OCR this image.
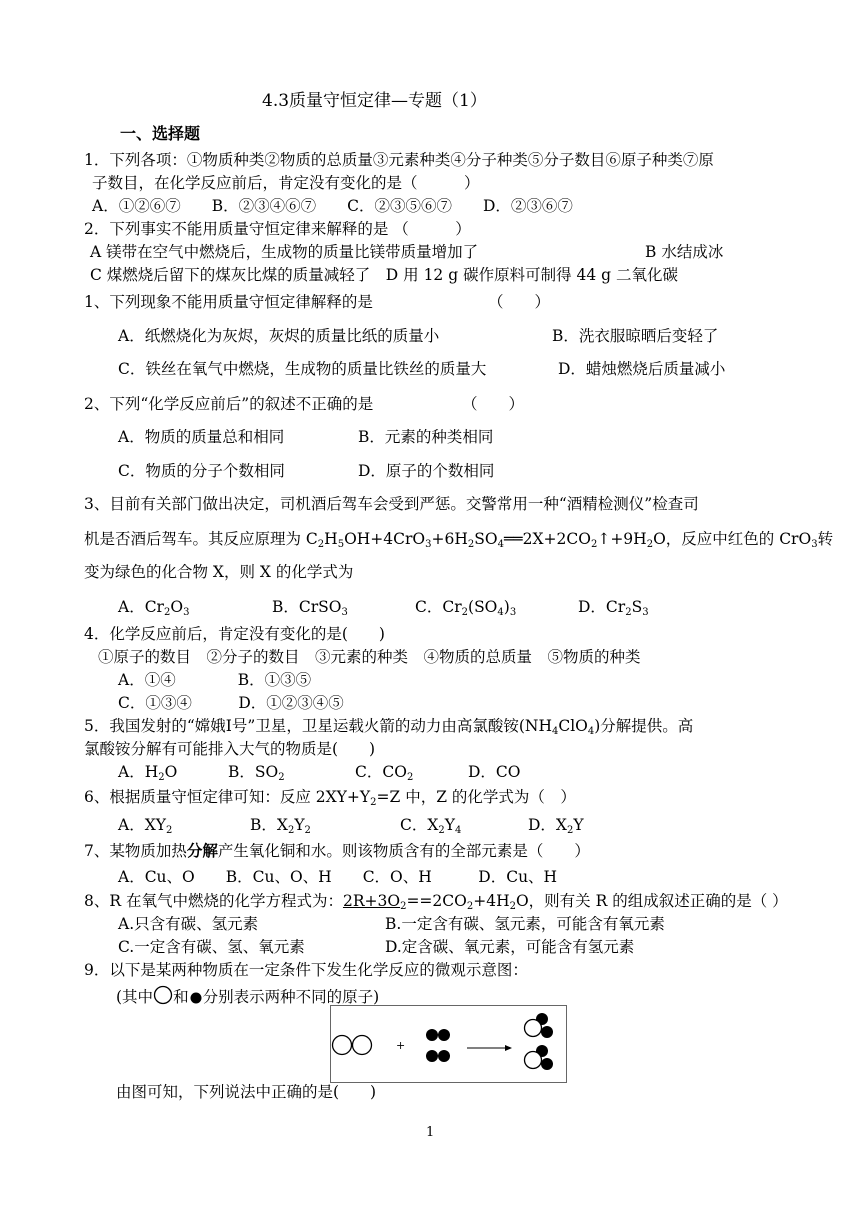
4.3质量守恒定律—专题（1）
一、选择题
1．下列各项：①物质种类②物质的总质量③元素种类④分子种类⑤分子数目⑥原子种类⑦原
子数目，在化学反应前后，肯定没有变化的是（　　　）
A．①②⑥⑦　　B．②③④⑥⑦　　C．②③⑤⑥⑦　　D．②③⑥⑦
2．下列事实不能用质量守恒定律来解释的是 （　　　）
A 镁带在空气中燃烧后，生成物的质量比镁带质量增加了	B 水结成冰
C 煤燃烧后留下的煤灰比煤的质量减轻了　D 用 12 g 碳作原料可制得 44 g 二氧化碳
1、下列现象不能用质量守恒定律解释的是	（　　）
A．纸燃烧化为灰烬，灰烬的质量比纸的质量小	B．洗衣服晾晒后变轻了
C．铁丝在氧气中燃烧，生成物的质量比铁丝的质量大	D．蜡烛燃烧后质量减小
2、下列“化学反应前后”的叙述不正确的是	（　　）
A．物质的质量总和相同	B．元素的种类相同
C．物质的分子个数相同	D．原子的个数相同
3、目前有关部门做出决定，司机酒后驾车会受到严惩。交警常用一种“酒精检测仪”检查司
机是否酒后驾车。其反应原理为 $C_2H_5OH+4CrO_3+6H_2SO_4══2X+2CO_2↑+9H_2O$，反应中红色的 CrO$_3$转
变为绿色的化合物 X，则 X 的化学式为
A．$Cr_2O_3$	B．CrSO$_3$	C．$Cr_2(SO_4)_3$	D．$Cr_2S_3$
4．化学反应前后，肯定没有变化的是(　　)
①原子的数目　②分子的数目　③元素的种类　④物质的总质量　⑤物质的种类
A．①④　　　　B．①③⑤
C．①③④　　　D．①②③④⑤
5．我国发射的“嫦娥Ⅰ号”卫星，卫星运载火箭的动力由高氯酸铵$(NH_4ClO_4)$分解提供。高
氯酸铵分解有可能排入大气的物质是(　　)
A．$H_2O$	B．$SO_2$	C．$CO_2$	D．CO
6、根据质量守恒定律可知：反应 $2XY+Y_2=Z$ 中，Z 的化学式为（　）
A．$XY_2$	B．$X_2Y_2$	C．$X_2Y_4$	D．$X_2Y$
7、某物质加热分解产生氧化铜和水。则该物质含有的全部元素是（　　）
A．Cu、O　　B．Cu、O、H　　C．O、H　　　D．Cu、H
8、R 在氧气中燃烧的化学方程式为：$2R+3O_2==2CO_2+4H_2O$，则有关 R 的组成叙述正确的是（ ）
A.只含有碳、氢元素	B.一定含有碳、氢元素，可能含有氧元素
C.一定含有碳、氢、氧元素	D.定含碳、氧元素，可能含有氢元素
9．以下是某两种物质在一定条件下发生化学反应的微观示意图：
(其中 和 分别表示两种不同的原子)
+
由图可知，下列说法中正确的是(　　)
1
